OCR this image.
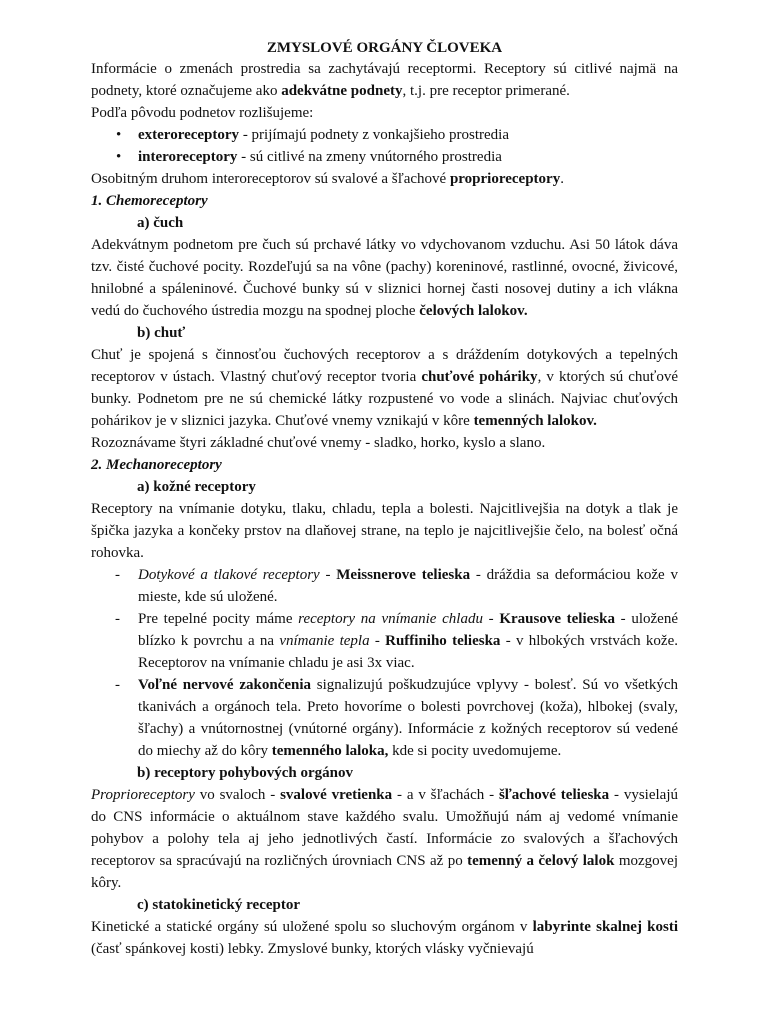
ZMYSLOVÉ ORGÁNY ČLOVEKA

Informácie o zmenách prostredia sa zachytávajú receptormi. Receptory sú citlivé najmä na podnety, ktoré označujeme ako adekvátne podnety, t.j. pre receptor primerané.

Podľa pôvodu podnetov rozlišujeme:

• exteroreceptory - prijímajú podnety z vonkajšieho prostredia
• interoreceptory - sú citlivé na zmeny vnútorného prostredia

Osobitným druhom interoreceptorov sú svalové a šľachové proprioreceptory.

1. Chemoreceptory

a) čuch

Adekvátnym podnetom pre čuch sú prchavé látky vo vdychovanom vzduchu. Asi 50 látok dáva tzv. čisté čuchové pocity. Rozdeľujú sa na vône (pachy) koreninové, rastlinné, ovocné, živicové, hnilobné a spáleninové. Čuchové bunky sú v sliznici hornej časti nosovej dutiny a ich vlákna vedú do čuchového ústredia mozgu na spodnej ploche čelových lalokov.

b) chuť

Chuť je spojená s činnosťou čuchových receptorov a s dráždením dotykových a tepelných receptorov v ústach. Vlastný chuťový receptor tvoria chuťové poháriky, v ktorých sú chuťové bunky. Podnetom pre ne sú chemické látky rozpustené vo vode a slinách. Najviac chuťových pohárikov je v sliznici jazyka. Chuťové vnemy vznikajú v kôre temenných lalokov.

Rozoznávame štyri základné chuťové vnemy - sladko, horko, kyslo a slano.

2. Mechanoreceptory

a) kožné receptory

Receptory na vnímanie dotyku, tlaku, chladu, tepla a bolesti. Najcitlivejšia na dotyk a tlak je špička jazyka a končeky prstov na dlaňovej strane, na teplo je najcitlivejšie čelo, na bolesť očná rohovka.

- Dotykové a tlakové receptory - Meissnerove telieska - dráždia sa deformáciou kože v mieste, kde sú uložené.
- Pre tepelné pocity máme receptory na vnímanie chladu - Krausove telieska - uložené blízko k povrchu a na vnímanie tepla - Ruffiniho telieska - v hlbokých vrstvách kože. Receptorov na vnímanie chladu je asi 3x viac.
- Voľné nervové zakončenia signalizujú poškudzujúce vplyvy - bolesť. Sú vo všetkých tkanivách a orgánoch tela. Preto hovoríme o bolesti povrchovej (koža), hlbokej (svaly, šľachy) a vnútornostnej (vnútorné orgány). Informácie z kožných receptorov sú vedené do miechy až do kôry temenného laloka, kde si pocity uvedomujeme.

b) receptory pohybových orgánov

Proprioreceptory vo svaloch - svalové vretienka - a v šľachách - šľachové telieska - vysielajú do CNS informácie o aktuálnom stave každého svalu. Umožňujú nám aj vedomé vnímanie pohybov a polohy tela aj jeho jednotlivých častí. Informácie zo svalových a šľachových receptorov sa spracúvajú na rozličných úrovniach CNS až po temenný a čelový lalok mozgovej kôry.

c) statokinetický receptor

Kinetické a statické orgány sú uložené spolu so sluchovým orgánom v labyrinte skalnej kosti (časť spánkovej kosti) lebky. Zmyslové bunky, ktorých vlásky vyčnievajú
